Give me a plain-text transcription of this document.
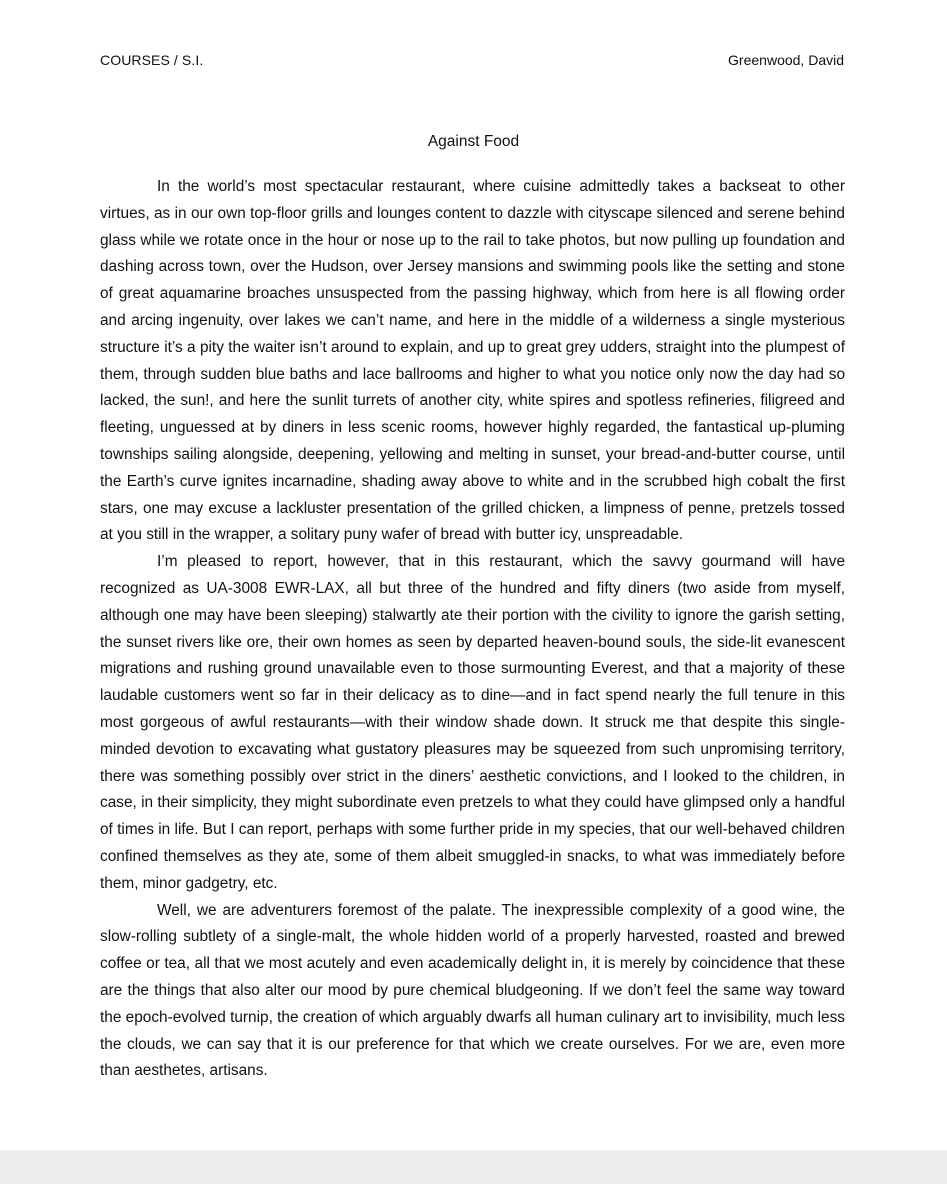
COURSES / S.I.	Greenwood, David
Against Food

In the world’s most spectacular restaurant, where cuisine admittedly takes a backseat to other virtues, as in our own top-floor grills and lounges content to dazzle with cityscape silenced and serene behind glass while we rotate once in the hour or nose up to the rail to take photos, but now pulling up foundation and dashing across town, over the Hudson, over Jersey mansions and swimming pools like the setting and stone of great aquamarine broaches unsuspected from the passing highway, which from here is all flowing order and arcing ingenuity, over lakes we can’t name, and here in the middle of a wilderness a single mysterious structure it’s a pity the waiter isn’t around to explain, and up to great grey udders, straight into the plumpest of them, through sudden blue baths and lace ballrooms and higher to what you notice only now the day had so lacked, the sun!, and here the sunlit turrets of another city, white spires and spotless refineries, filigreed and fleeting, unguessed at by diners in less scenic rooms, however highly regarded, the fantastical up-pluming townships sailing alongside, deepening, yellowing and melting in sunset, your bread-and-butter course, until the Earth’s curve ignites incarnadine, shading away above to white and in the scrubbed high cobalt the first stars, one may excuse a lackluster presentation of the grilled chicken, a limpness of penne, pretzels tossed at you still in the wrapper, a solitary puny wafer of bread with butter icy, unspreadable.

I’m pleased to report, however, that in this restaurant, which the savvy gourmand will have recognized as UA-3008 EWR-LAX, all but three of the hundred and fifty diners (two aside from myself, although one may have been sleeping) stalwartly ate their portion with the civility to ignore the garish setting, the sunset rivers like ore, their own homes as seen by departed heaven-bound souls, the side-lit evanescent migrations and rushing ground unavailable even to those surmounting Everest, and that a majority of these laudable customers went so far in their delicacy as to dine—and in fact spend nearly the full tenure in this most gorgeous of awful restaurants—with their window shade down. It struck me that despite this single-minded devotion to excavating what gustatory pleasures may be squeezed from such unpromising territory, there was something possibly over strict in the diners’ aesthetic convictions, and I looked to the children, in case, in their simplicity, they might subordinate even pretzels to what they could have glimpsed only a handful of times in life. But I can report, perhaps with some further pride in my species, that our well-behaved children confined themselves as they ate, some of them albeit smuggled-in snacks, to what was immediately before them, minor gadgetry, etc.

Well, we are adventurers foremost of the palate. The inexpressible complexity of a good wine, the slow-rolling subtlety of a single-malt, the whole hidden world of a properly harvested, roasted and brewed coffee or tea, all that we most acutely and even academically delight in, it is merely by coincidence that these are the things that also alter our mood by pure chemical bludgeoning. If we don’t feel the same way toward the epoch-evolved turnip, the creation of which arguably dwarfs all human culinary art to invisibility, much less the clouds, we can say that it is our preference for that which we create ourselves. For we are, even more than aesthetes, artisans.
